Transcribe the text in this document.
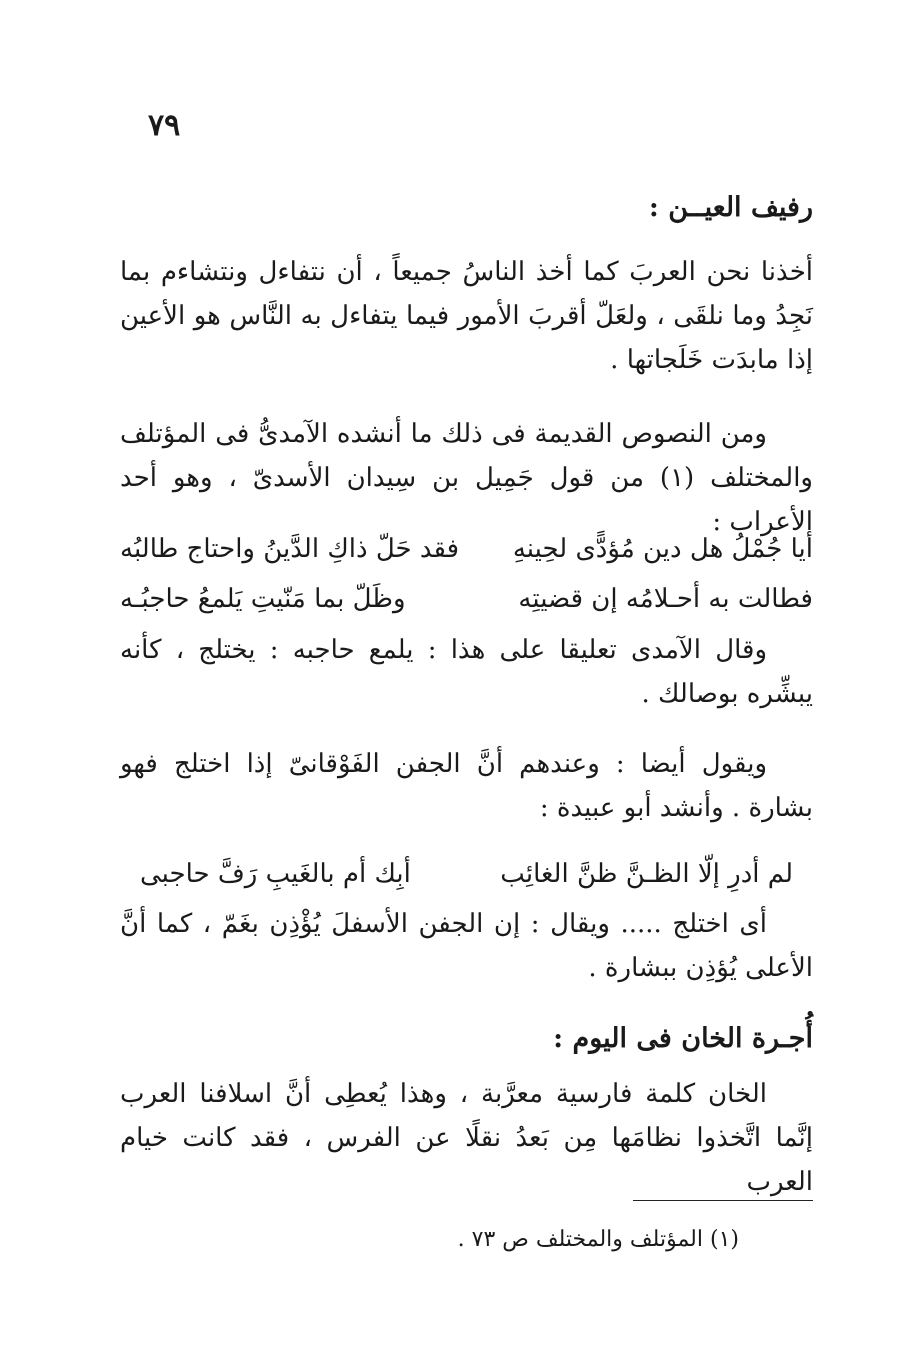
٧٩
رفيف العيــن :
أخذنا نحن العربَ كما أخذ الناسُ جميعاً ، أن نتفاءل ونتشاءم بما نَجِدُ وما نلقَى ، ولعَلّ أقربَ الأمور فيما يتفاءل به النَّاس هو الأعين إذا مابدَت خَلَجاتها .
ومن النصوص القديمة فى ذلك ما أنشده الآمدىُّ فى المؤتلف والمختلف (١) من قول جَمِيل بن سِيدان الأسدىّ ، وهو أحد الأعراب :
أيا جُمْلُ هل دين مُؤدًّى لحِينهِ
فقد حَلّ ذاكِ الدَّينُ واحتاج طالبُه
فطالت به أحـلامُه إن قضيتِه
وظَلّ بما مَنّيتِ يَلمعُ حاجبُـه
وقال الآمدى تعليقا على هذا : يلمع حاجبه : يختلج ، كأنه يبشِّره بوصالك .
ويقول أيضا : وعندهم أنَّ الجفن الفَوْقانىّ إذا اختلج فهو بشارة . وأنشد أبو عبيدة :
لم أدرِ إلّا الظـنَّ ظنَّ الغائِب
أبِك أم بالغَيبِ رَفَّ حاجبى
أى اختلج ..... ويقال : إن الجفن الأسفلَ يُؤْذِن بغَمّ ، كما أنَّ الأعلى يُؤذِن ببشارة .
أُجـرة الخان فى اليوم :
الخان كلمة فارسية معرَّبة ، وهذا يُعطِى أنَّ اسلافنا العرب إنَّما اتَّخذوا نظامَها مِن بَعدُ نقلًا عن الفرس ، فقد كانت خيام العرب
(١) المؤتلف والمختلف ص ٧٣ .
